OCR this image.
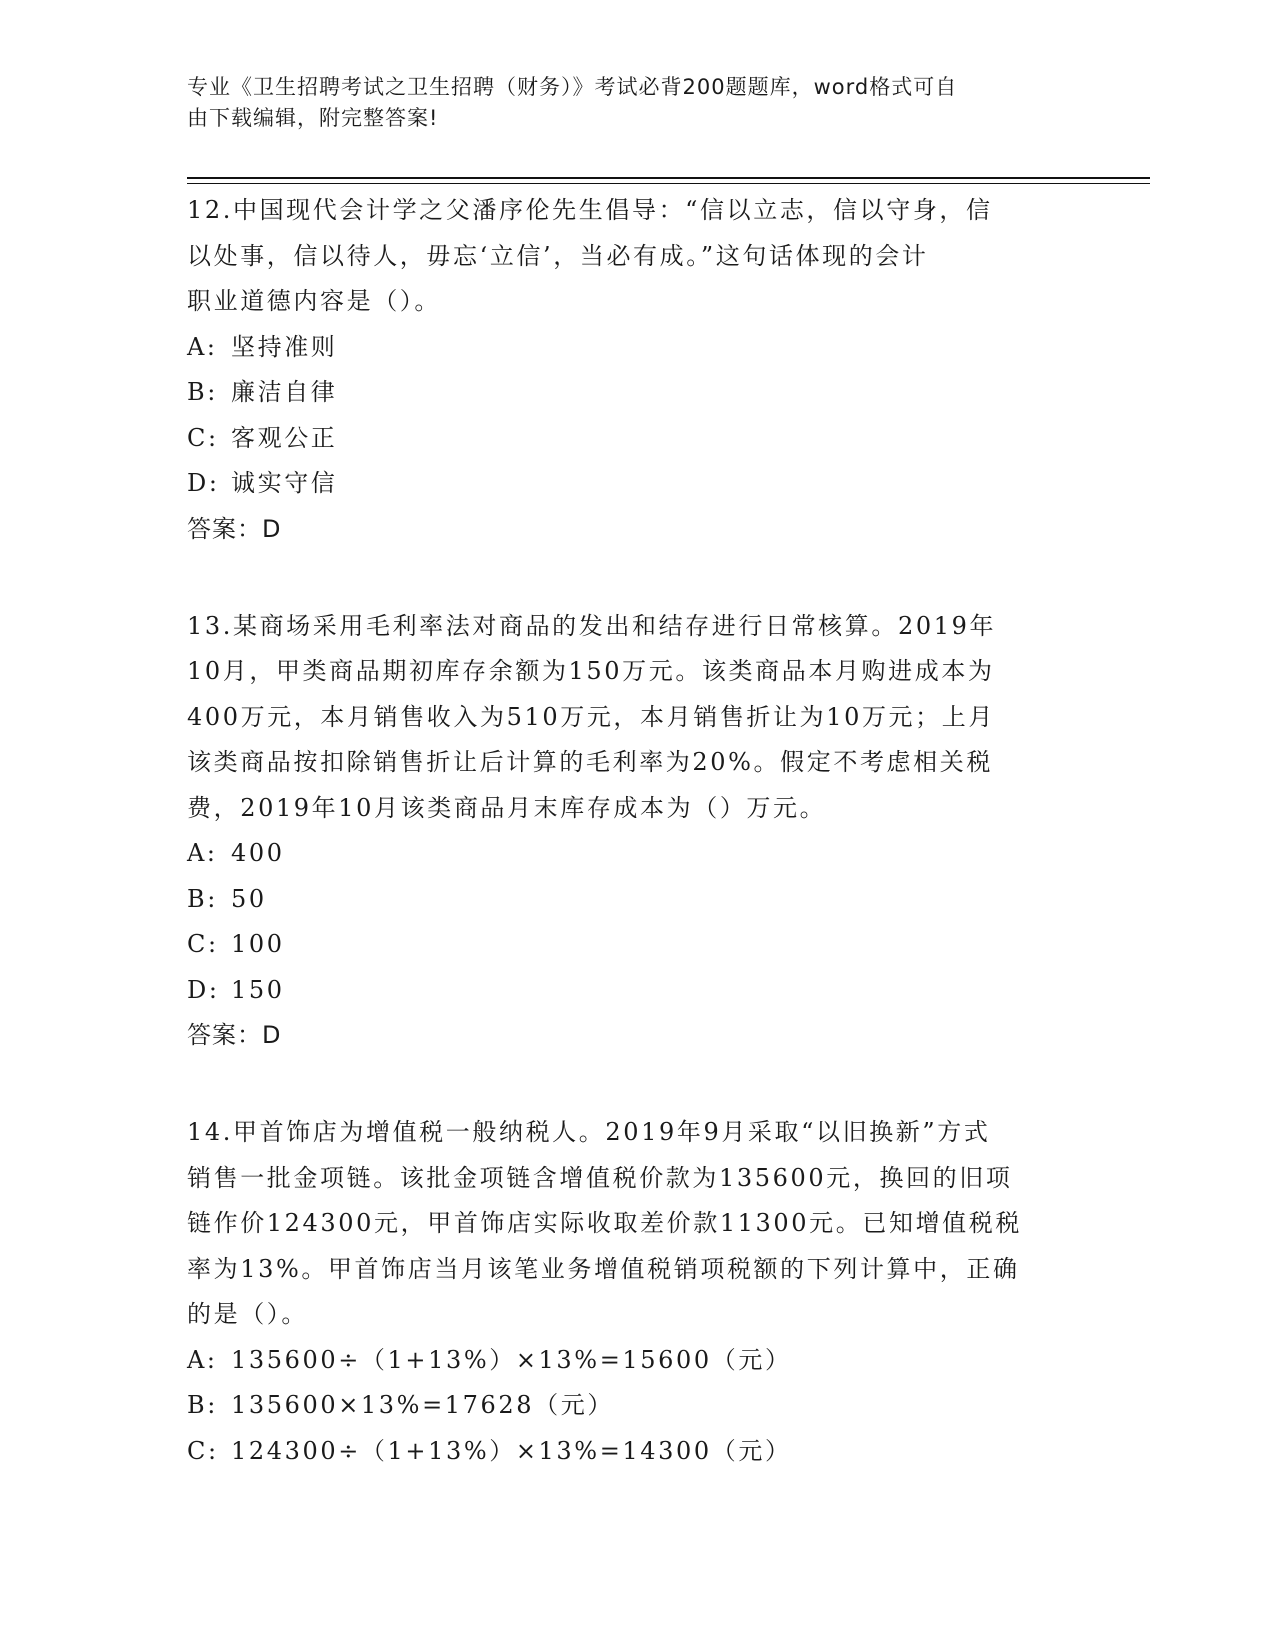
专业《卫生招聘考试之卫生招聘（财务）》考试必背200题题库，word格式可自
由下载编辑，附完整答案!

12.中国现代会计学之父潘序伦先生倡导：“信以立志，信以守身，信

以处事，信以待人，毋忘‘立信’，当必有成。”这句话体现的会计

职业道德内容是（）。

A: 坚持准则
B: 廉洁自律
C: 客观公正
D: 诚实守信

答案：D

13.某商场采用毛利率法对商品的发出和结存进行日常核算。2019年

10月，甲类商品期初库存余额为150万元。该类商品本月购进成本为

400万元，本月销售收入为510万元，本月销售折让为10万元；上月

该类商品按扣除销售折让后计算的毛利率为20%。假定不考虑相关税

费，2019年10月该类商品月末库存成本为（）万元。

A: 400
B: 50
C: 100
D: 150

答案：D

14.甲首饰店为增值税一般纳税人。2019年9月采取“以旧换新”方式

销售一批金项链。该批金项链含增值税价款为135600元，换回的旧项

链作价124300元，甲首饰店实际收取差价款11300元。已知增值税税

率为13%。甲首饰店当月该笔业务增值税销项税额的下列计算中，正确

的是（）。

A: 135600÷（1+13%）×13%=15600（元）
B: 135600×13%=17628（元）
C: 124300÷（1+13%）×13%=14300（元）
